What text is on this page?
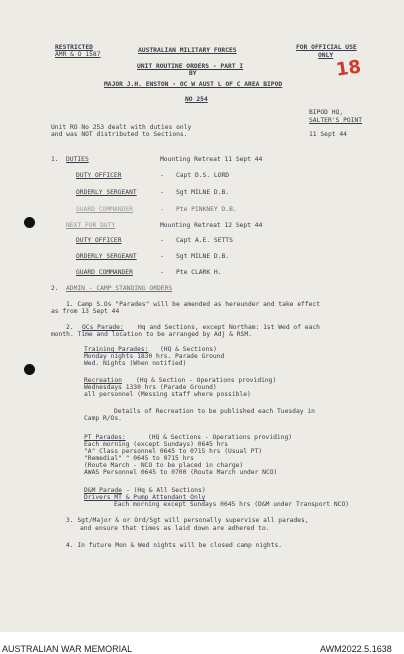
RESTRICTED
AMR & O 1587
AUSTRALIAN MILITARY FORCES	FOR OFFICIAL USE
ONLY
18
UNIT ROUTINE ORDERS - PART I
BY
MAJOR J.H. ENSTON - OC W AUST L OF C AREA BIPOD
NO 254
BIPOD HQ,
SALTER'S POINT
11 Sept 44
Unit RO No 253 dealt with duties only
and was NOT distributed to Sections.
1. DUTIES	Mounting Retreat 11 Sept 44
DUTY OFFICER	- Capt D.S. LORD
ORDERLY SERGEANT	- Sgt MILNE D.B.
GUARD COMMANDER	- Pte PINKNEY D.B.
NEXT FOR DUTY	Mounting Retreat 12 Sept 44
DUTY OFFICER	- Capt A.E. SETTS
ORDERLY SERGEANT	- Sgt MILNE D.B.
GUARD COMMANDER	- Pte CLARK H.
2. ADMIN - CAMP STANDING ORDERS
1. Camp S.Os "Parades" will be amended as hereunder and take effect
as from 13 Sept 44
2. OCs Parade: Hq and Sections, except Northam: 1st Wed of each
month. Time and location to be arranged by Adj & RSM.
Training Parades: (HQ & Sections)
Monday nights 1830 hrs. Parade Ground
Wed. Nights (When notified)
Recreation (Hq & Section - Operations providing)
Wednesdays 1330 hrs (Parade Ground)
all personnel (Messing staff where possible)
Details of Recreation to be published each Tuesday in
Camp R/Os.
PT Parades:	(HQ & Sections - Operations providing)
Each morning (except Sundays) 0645 hrs
"A" Class personnel 0645 to 0715 hrs (Usual PT)
"Remedial" " 0645 to 0715 hrs
(Route March - NCO to be placed in charge)
AWAS Personnel 0645 to 0700 (Route March under NCO)
D&M Parade - (Hq & All Sections)
Drivers MT & Pump Attendant Only
Each morning except Sundays 0645 hrs (D&M under Transport NCO)
3. Sgt/Major & or Ord/Sgt will personally supervise all parades,
and ensure that times as laid down are adhered to.
4. In future Mon & Wed nights will be closed camp nights.
AUSTRALIAN WAR MEMORIAL	AWM2022.5.1638
